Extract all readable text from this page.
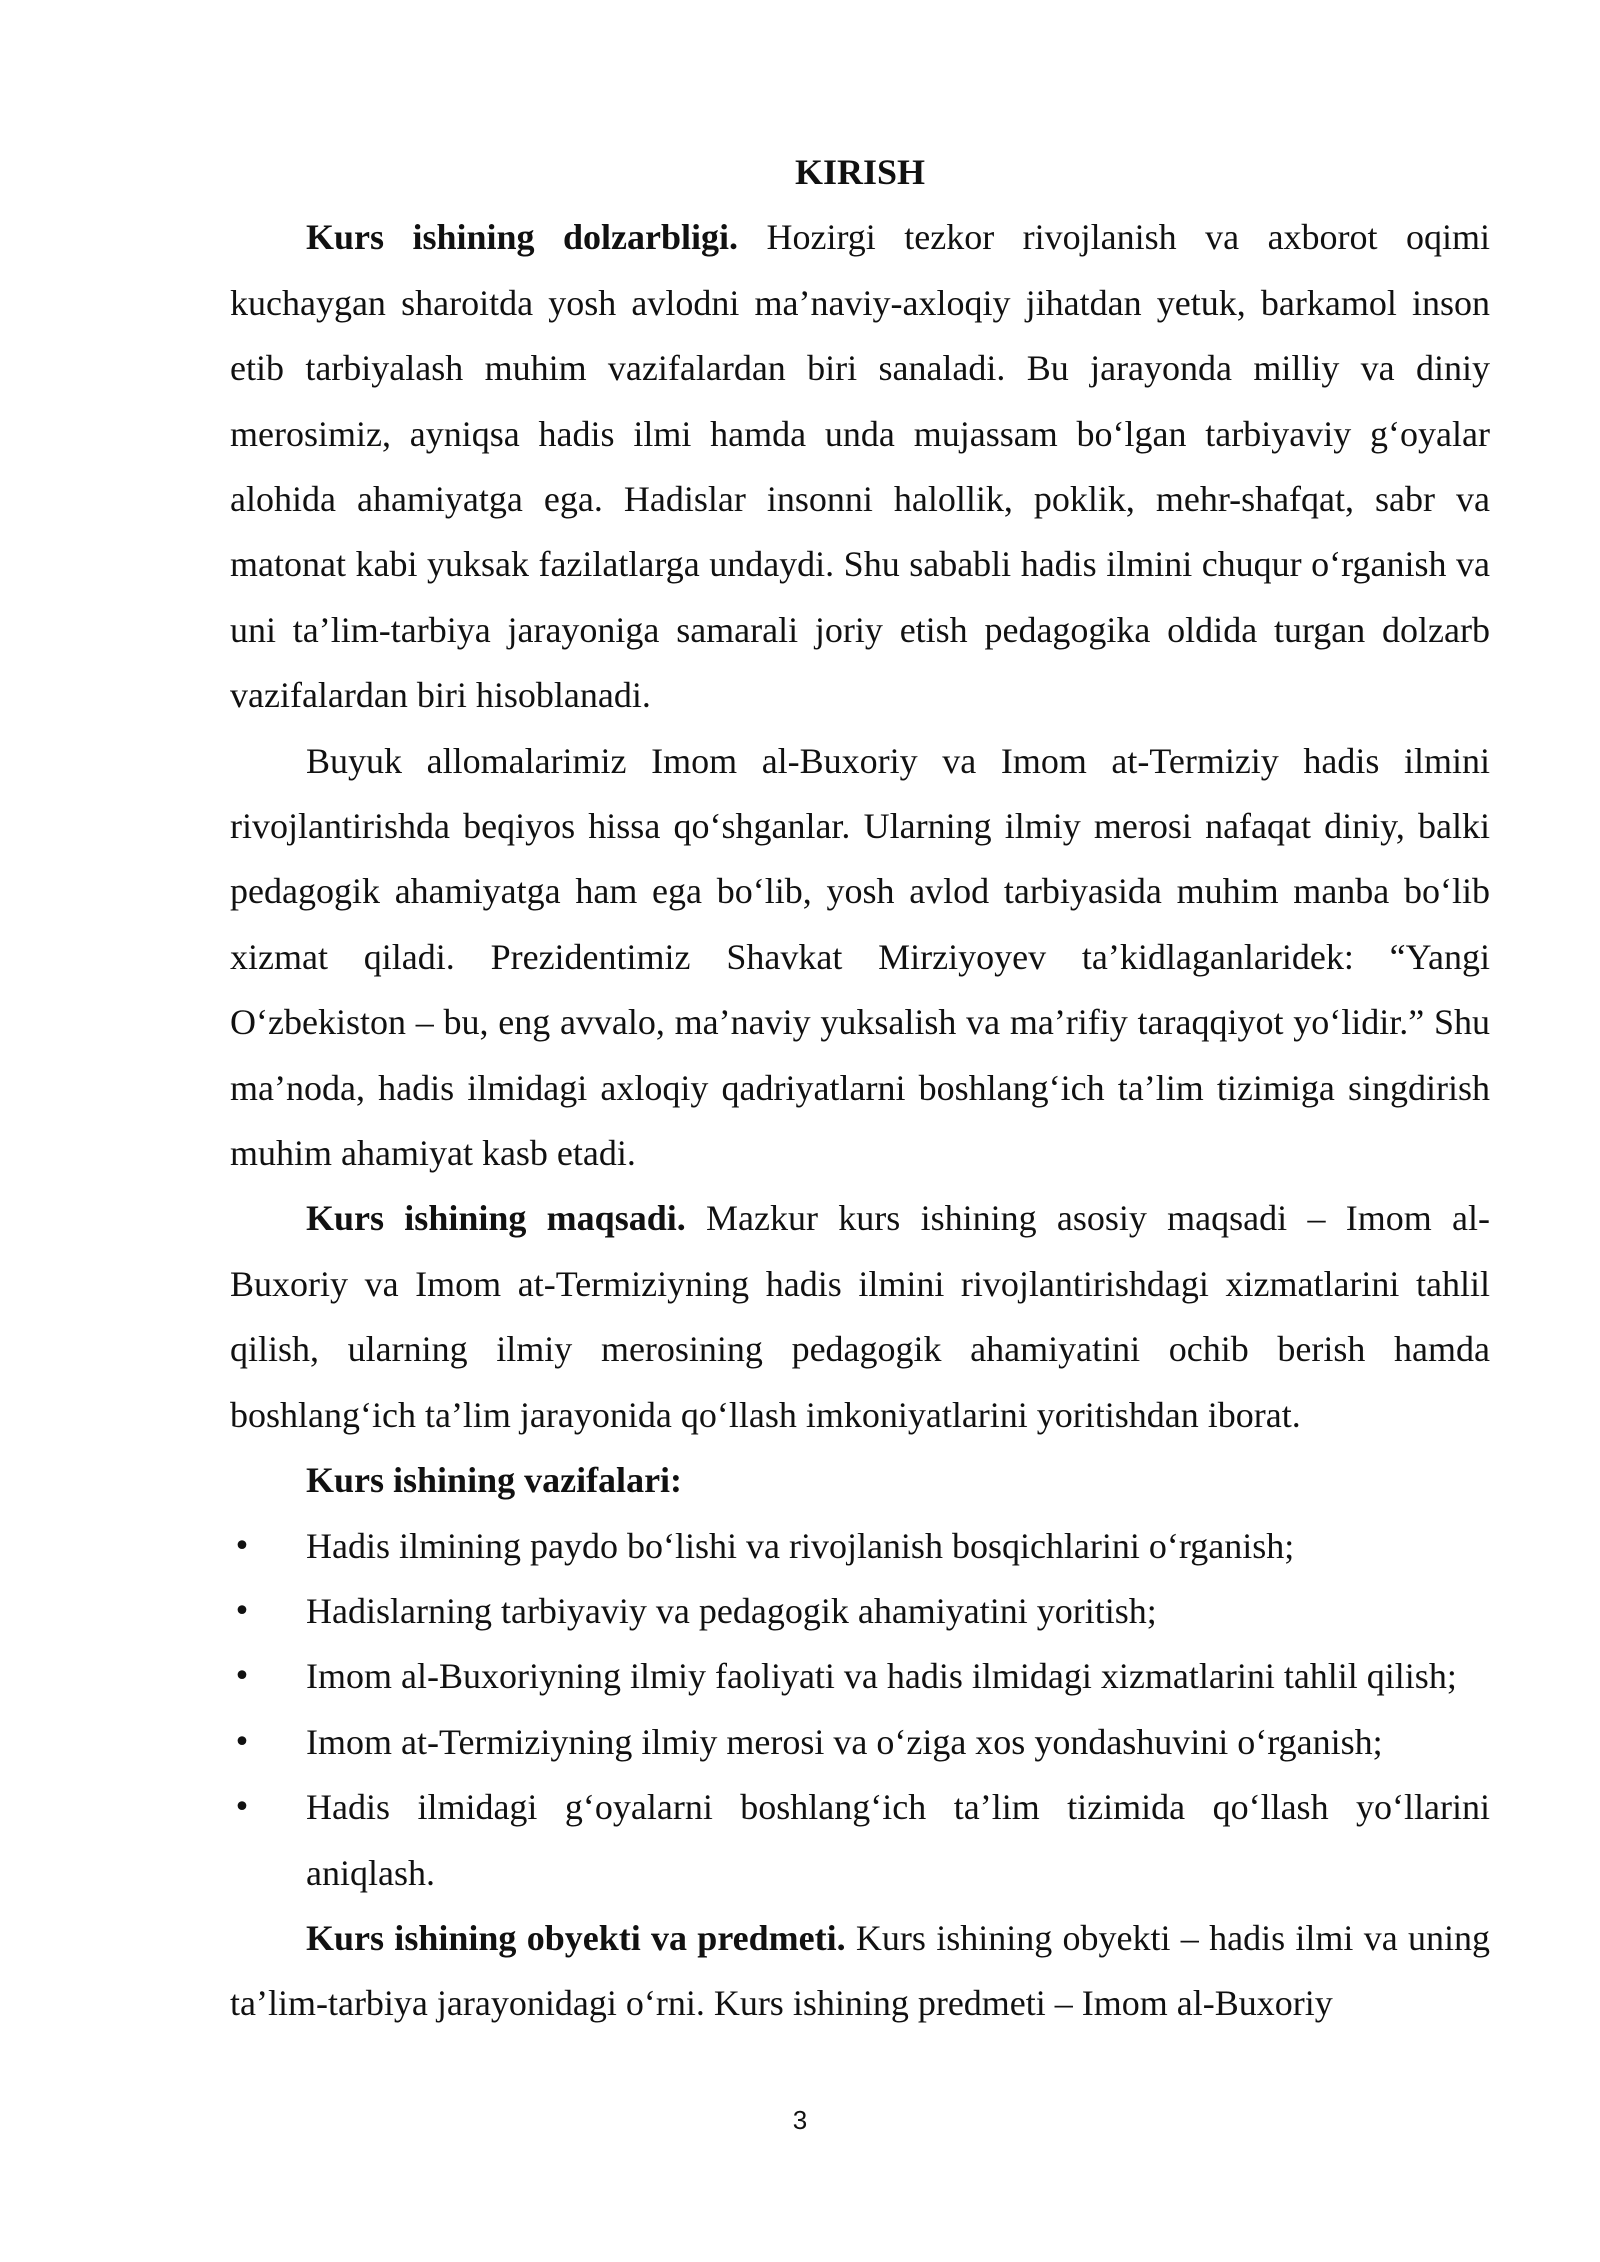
KIRISH

Kurs ishining dolzarbligi. Hozirgi tezkor rivojlanish va axborot oqimi kuchaygan sharoitda yosh avlodni ma’naviy-axloqiy jihatdan yetuk, barkamol inson etib tarbiyalash muhim vazifalardan biri sanaladi. Bu jarayonda milliy va diniy merosimiz, ayniqsa hadis ilmi hamda unda mujassam bo‘lgan tarbiyaviy g‘oyalar alohida ahamiyatga ega. Hadislar insonni halollik, poklik, mehr-shafqat, sabr va matonat kabi yuksak fazilatlarga undaydi. Shu sababli hadis ilmini chuqur o‘rganish va uni ta’lim-tarbiya jarayoniga samarali joriy etish pedagogika oldida turgan dolzarb vazifalardan biri hisoblanadi.

Buyuk allomalarimiz Imom al-Buxoriy va Imom at-Termiziy hadis ilmini rivojlantirishda beqiyos hissa qo‘shganlar. Ularning ilmiy merosi nafaqat diniy, balki pedagogik ahamiyatga ham ega bo‘lib, yosh avlod tarbiyasida muhim manba bo‘lib xizmat qiladi. Prezidentimiz Shavkat Mirziyoyev ta’kidlaganlaridek: “Yangi O‘zbekiston – bu, eng avvalo, ma’naviy yuksalish va ma’rifiy taraqqiyot yo‘lidir.” Shu ma’noda, hadis ilmidagi axloqiy qadriyatlarni boshlang‘ich ta’lim tizimiga singdirish muhim ahamiyat kasb etadi.

Kurs ishining maqsadi. Mazkur kurs ishining asosiy maqsadi – Imom al-Buxoriy va Imom at-Termiziyning hadis ilmini rivojlantirishdagi xizmatlarini tahlil qilish, ularning ilmiy merosining pedagogik ahamiyatini ochib berish hamda boshlang‘ich ta’lim jarayonida qo‘llash imkoniyatlarini yoritishdan iborat.

Kurs ishining vazifalari:

• Hadis ilmining paydo bo‘lishi va rivojlanish bosqichlarini o‘rganish;
• Hadislarning tarbiyaviy va pedagogik ahamiyatini yoritish;
• Imom al-Buxoriyning ilmiy faoliyati va hadis ilmidagi xizmatlarini tahlil qilish;
• Imom at-Termiziyning ilmiy merosi va o‘ziga xos yondashuvini o‘rganish;
• Hadis ilmidagi g‘oyalarni boshlang‘ich ta’lim tizimida qo‘llash yo‘llarini aniqlash.

Kurs ishining obyekti va predmeti. Kurs ishining obyekti – hadis ilmi va uning ta’lim-tarbiya jarayonidagi o‘rni. Kurs ishining predmeti – Imom al-Buxoriy

3
